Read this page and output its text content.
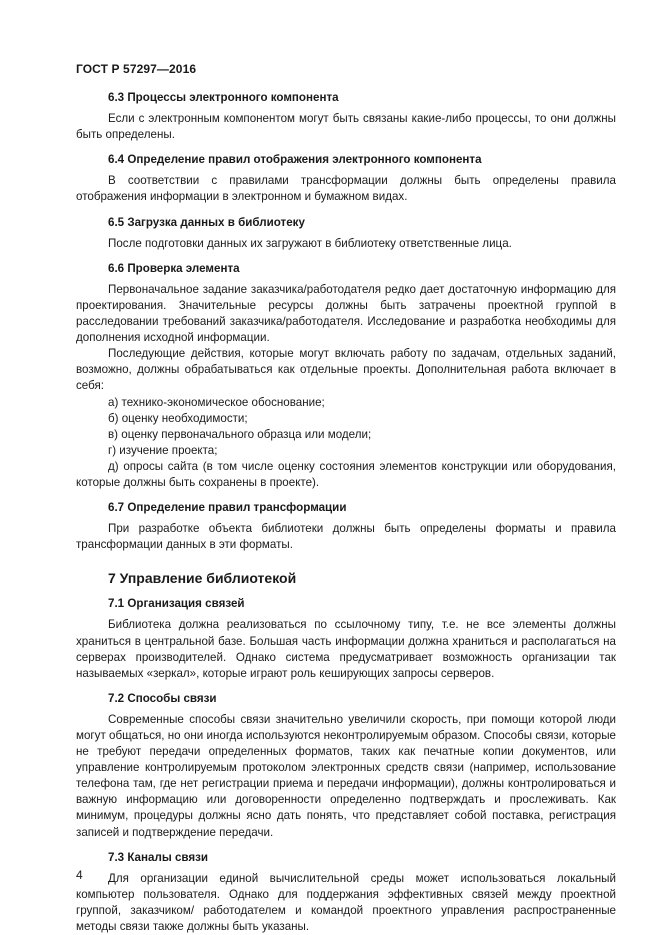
ГОСТ Р 57297—2016
6.3 Процессы электронного компонента

Если с электронным компонентом могут быть связаны какие-либо процессы, то они должны быть определены.

6.4 Определение правил отображения электронного компонента

В соответствии с правилами трансформации должны быть определены правила отображения информации в электронном и бумажном видах.

6.5 Загрузка данных в библиотеку

После подготовки данных их загружают в библиотеку ответственные лица.

6.6 Проверка элемента

Первоначальное задание заказчика/работодателя редко дает достаточную информацию для проектирования. Значительные ресурсы должны быть затрачены проектной группой в расследовании требований заказчика/работодателя. Исследование и разработка необходимы для дополнения исходной информации.

Последующие действия, которые могут включать работу по задачам, отдельных заданий, возможно, должны обрабатываться как отдельные проекты. Дополнительная работа включает в себя:

а) технико-экономическое обоснование;
б) оценку необходимости;
в) оценку первоначального образца или модели;
г) изучение проекта;

д) опросы сайта (в том числе оценку состояния элементов конструкции или оборудования, которые должны быть сохранены в проекте).

6.7 Определение правил трансформации

При разработке объекта библиотеки должны быть определены форматы и правила трансформации данных в эти форматы.

7 Управление библиотекой
7.1 Организация связей

Библиотека должна реализоваться по ссылочному типу, т.е. не все элементы должны храниться в центральной базе. Большая часть информации должна храниться и располагаться на серверах производителей. Однако система предусматривает возможность организации так называемых «зеркал», которые играют роль кеширующих запросы серверов.

7.2 Способы связи

Современные способы связи значительно увеличили скорость, при помощи которой люди могут общаться, но они иногда используются неконтролируемым образом. Способы связи, которые не требуют передачи определенных форматов, таких как печатные копии документов, или управление контролируемым протоколом электронных средств связи (например, использование телефона там, где нет регистрации приема и передачи информации), должны контролироваться и важную информацию или договоренности определенно подтверждать и прослеживать. Как минимум, процедуры должны ясно дать понять, что представляет собой поставка, регистрация записей и подтверждение передачи.

7.3 Каналы связи

Для организации единой вычислительной среды может использоваться локальный компьютер пользователя. Однако для поддержания эффективных связей между проектной группой, заказчиком/ работодателем и командой проектного управления распространенные методы связи также должны быть указаны.

4
